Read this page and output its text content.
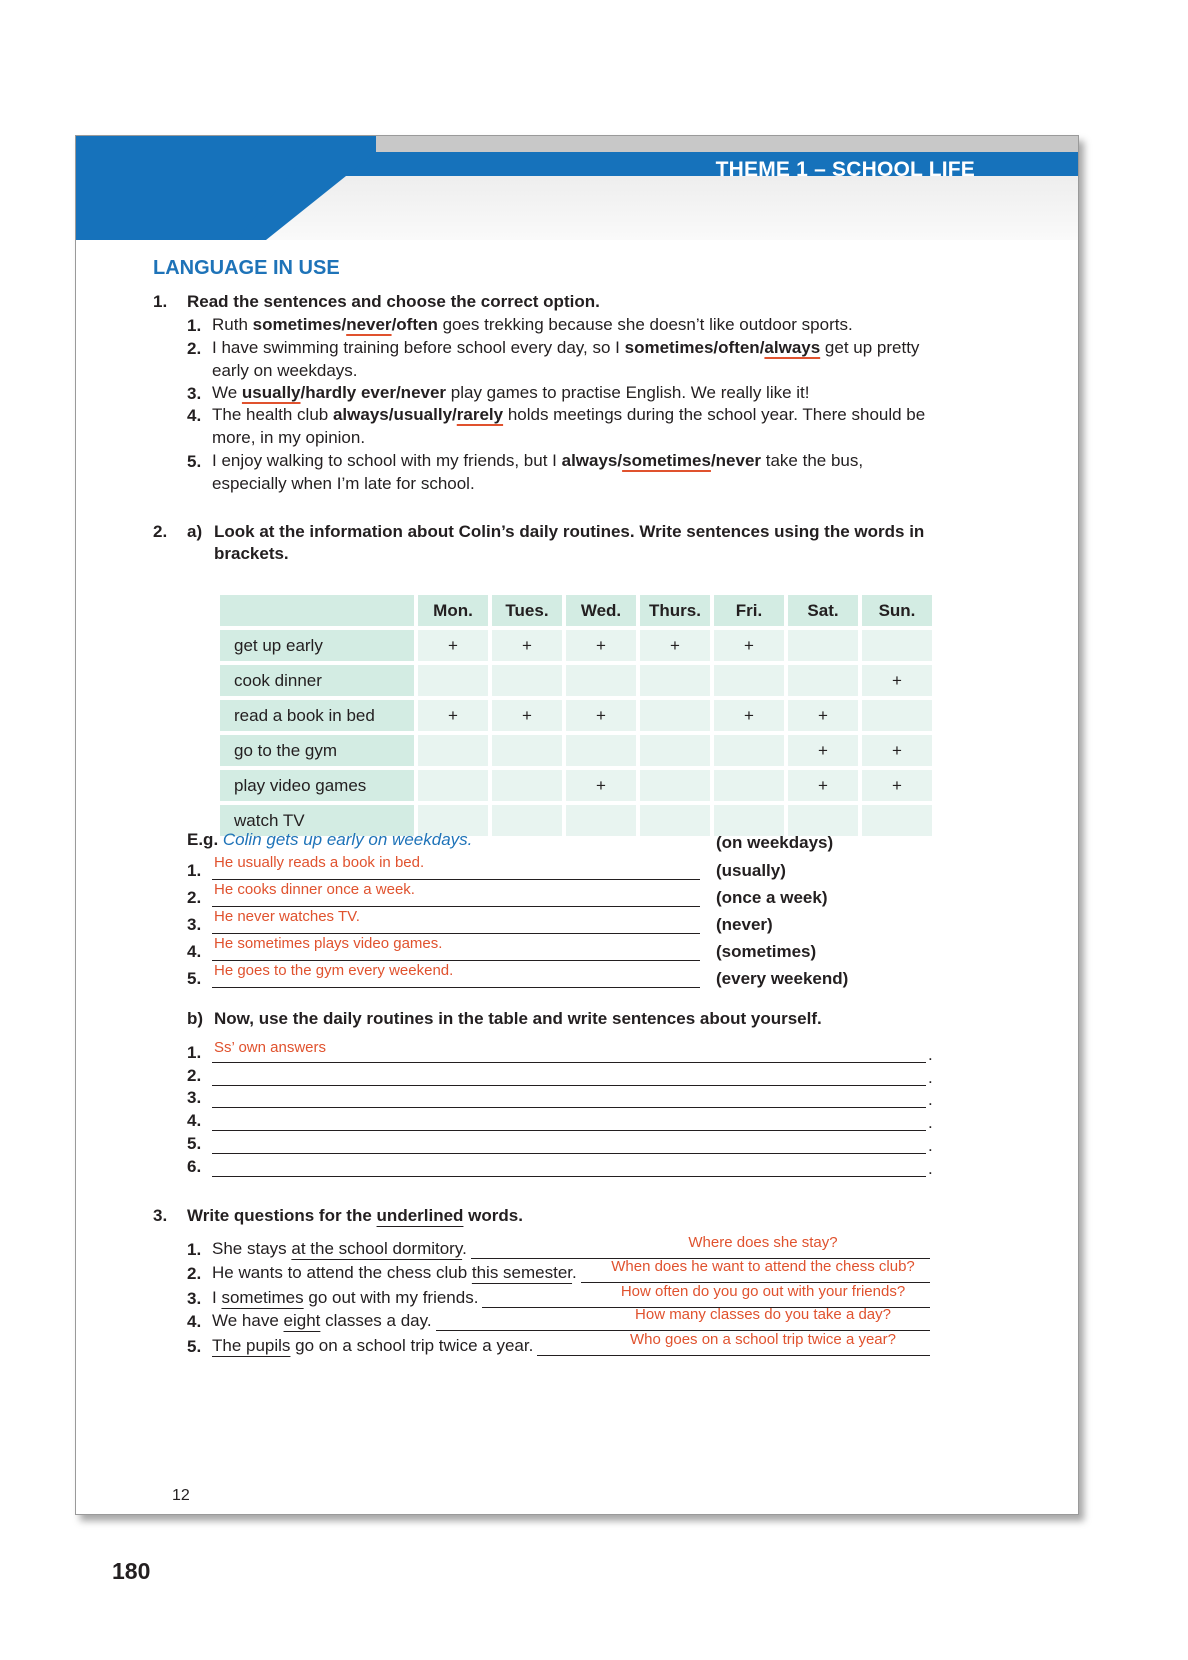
THEME 1 – SCHOOL LIFE
LANGUAGE IN USE
1. Read the sentences and choose the correct option.
1. Ruth sometimes/never/often goes trekking because she doesn’t like outdoor sports.
2. I have swimming training before school every day, so I sometimes/often/always get up pretty
early on weekdays.
3. We usually/hardly ever/never play games to practise English. We really like it!
4. The health club always/usually/rarely holds meetings during the school year. There should be
more, in my opinion.
5. I enjoy walking to school with my friends, but I always/sometimes/never take the bus,
especially when I’m late for school.
2. a) Look at the information about Colin’s daily routines. Write sentences using the words in
brackets.
	Mon.	Tues.	Wed.	Thurs.	Fri.	Sat.	Sun.
get up early	+	+	+	+	+		
cook dinner							+
read a book in bed	+	+	+		+	+	
go to the gym						+	+
play video games			+			+	+
watch TV							
E.g. Colin gets up early on weekdays.	(on weekdays)
1. He usually reads a book in bed.	(usually)
2. He cooks dinner once a week.	(once a week)
3. He never watches TV.	(never)
4. He sometimes plays video games.	(sometimes)
5. He goes to the gym every weekend.	(every weekend)
b) Now, use the daily routines in the table and write sentences about yourself.
1.	.
Ss’ own answers
2.	.
3.	.
4.	.
5.	.
6.	.
3. Write questions for the underlined words.
1. She stays at the school dormitory.	Where does she stay?
2. He wants to attend the chess club this semester.	When does he want to attend the chess club?
3. I sometimes go out with my friends.	How often do you go out with your friends?
4. We have eight classes a day.	How many classes do you take a day?
5. The pupils go on a school trip twice a year.	Who goes on a school trip twice a year?
12
180
